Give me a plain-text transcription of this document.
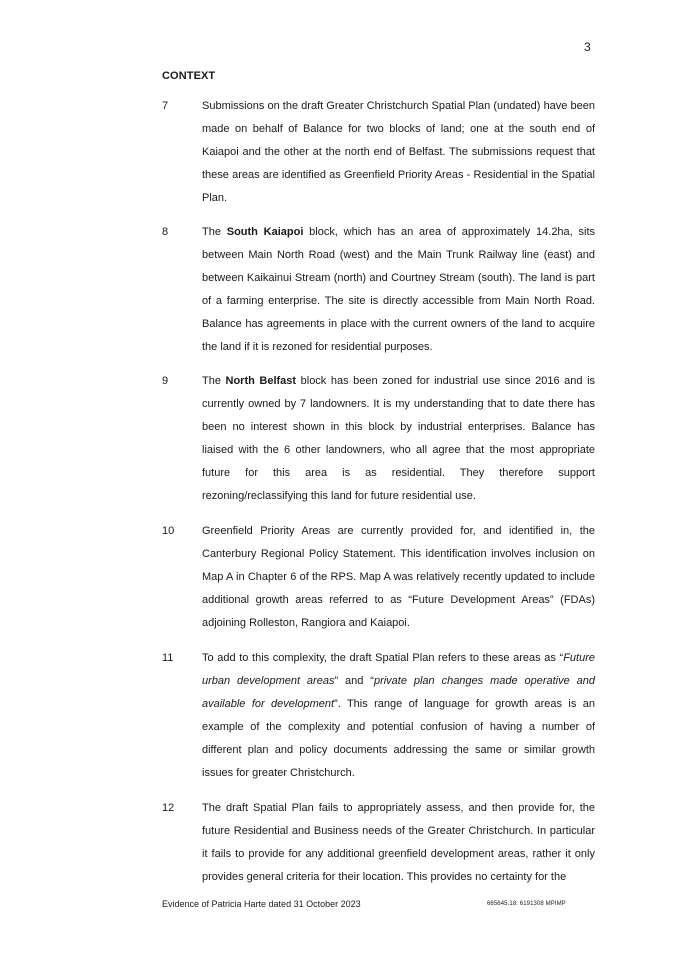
3
CONTEXT
7	Submissions on the draft Greater Christchurch Spatial Plan (undated) have been made on behalf of Balance for two blocks of land; one at the south end of Kaiapoi and the other at the north end of Belfast. The submissions request that these areas are identified as Greenfield Priority Areas - Residential in the Spatial Plan.
8	The South Kaiapoi block, which has an area of approximately 14.2ha, sits between Main North Road (west) and the Main Trunk Railway line (east) and between Kaikainui Stream (north) and Courtney Stream (south). The land is part of a farming enterprise. The site is directly accessible from Main North Road. Balance has agreements in place with the current owners of the land to acquire the land if it is rezoned for residential purposes.
9	The North Belfast block has been zoned for industrial use since 2016 and is currently owned by 7 landowners. It is my understanding that to date there has been no interest shown in this block by industrial enterprises. Balance has liaised with the 6 other landowners, who all agree that the most appropriate future for this area is as residential. They therefore support rezoning/reclassifying this land for future residential use.
10	Greenfield Priority Areas are currently provided for, and identified in, the Canterbury Regional Policy Statement. This identification involves inclusion on Map A in Chapter 6 of the RPS. Map A was relatively recently updated to include additional growth areas referred to as “Future Development Areas” (FDAs) adjoining Rolleston, Rangiora and Kaiapoi.
11	To add to this complexity, the draft Spatial Plan refers to these areas as “Future urban development areas” and “private plan changes made operative and available for development”. This range of language for growth areas is an example of the complexity and potential confusion of having a number of different plan and policy documents addressing the same or similar growth issues for greater Christchurch.
12	The draft Spatial Plan fails to appropriately assess, and then provide for, the future Residential and Business needs of the Greater Christchurch. In particular it fails to provide for any additional greenfield development areas, rather it only provides general criteria for their location. This provides no certainty for the
Evidence of Patricia Harte dated 31 October 2023	665645.18: 6191308 MPIMP
